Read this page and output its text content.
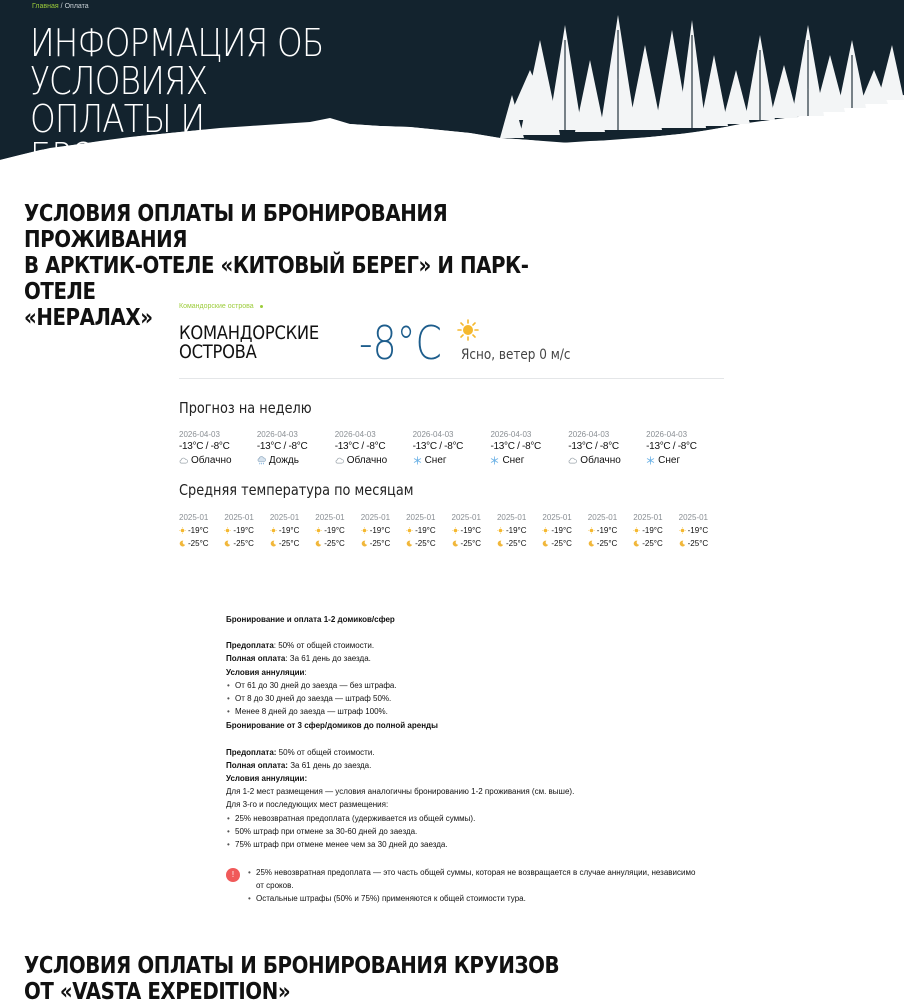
Главная / Оплата
ИНФОРМАЦИЯ ОБ УСЛОВИЯХ
ОПЛАТЫ И БРОНИРОВАНИЯ
УСЛОВИЯ ОПЛАТЫ И БРОНИРОВАНИЯ ПРОЖИВАНИЯ
В АРКТИК-ОТЕЛЕ «КИТОВЫЙ БЕРЕГ» И ПАРК-ОТЕЛЕ
«НЕРАЛАХ»	Командорские острова
КОМАНДОРСКИЕ
ОСТРОВА	-8°C Ясно, ветер 0 м/с
Прогноз на неделю
2026-04-03
-13°C / -8°C
Облачно
2026-04-03
-13°C / -8°C
Дождь
2026-04-03
-13°C / -8°C
Облачно
2026-04-03
-13°C / -8°C
Снег
2026-04-03
-13°C / -8°C
Снег
2026-04-03
-13°C / -8°C
Облачно
2026-04-03
-13°C / -8°C
Снег
Средняя температура по месяцам
2025-01
-19°C
-25°C
2025-01
-19°C
-25°C
2025-01
-19°C
-25°C
2025-01
-19°C
-25°C
2025-01
-19°C
-25°C
2025-01
-19°C
-25°C
2025-01
-19°C
-25°C
2025-01
-19°C
-25°C
2025-01
-19°C
-25°C
2025-01
-19°C
-25°C
2025-01
-19°C
-25°C
2025-01
-19°C
-25°C
Бронирование и оплата 1-2 домиков/сфер
Предоплата: 50% от общей стоимости.
Полная оплата: За 61 день до заезда.
Условия аннуляции:
• От 61 до 30 дней до заезда — без штрафа.
• От 8 до 30 дней до заезда — штраф 50%.
• Менее 8 дней до заезда — штраф 100%.
Бронирование от 3 сфер/домиков до полной аренды
Предоплата: 50% от общей стоимости.
Полная оплата: За 61 день до заезда.
Условия аннуляции:
Для 1-2 мест размещения — условия аналогичны бронированию 1-2 проживания (см. выше).
Для 3-го и последующих мест размещения:
• 25% невозвратная предоплата (удерживается из общей суммы).
• 50% штраф при отмене за 30-60 дней до заезда.
• 75% штраф при отмене менее чем за 30 дней до заезда.
!
•	25% невозвратная предоплата — это часть общей суммы, которая не возвращается в случае аннуляции, независимо от сроков.
• Остальные штрафы (50% и 75%) применяются к общей стоимости тура.
УСЛОВИЯ ОПЛАТЫ И БРОНИРОВАНИЯ КРУИЗОВ
ОТ «VASTA EXPEDITION»
